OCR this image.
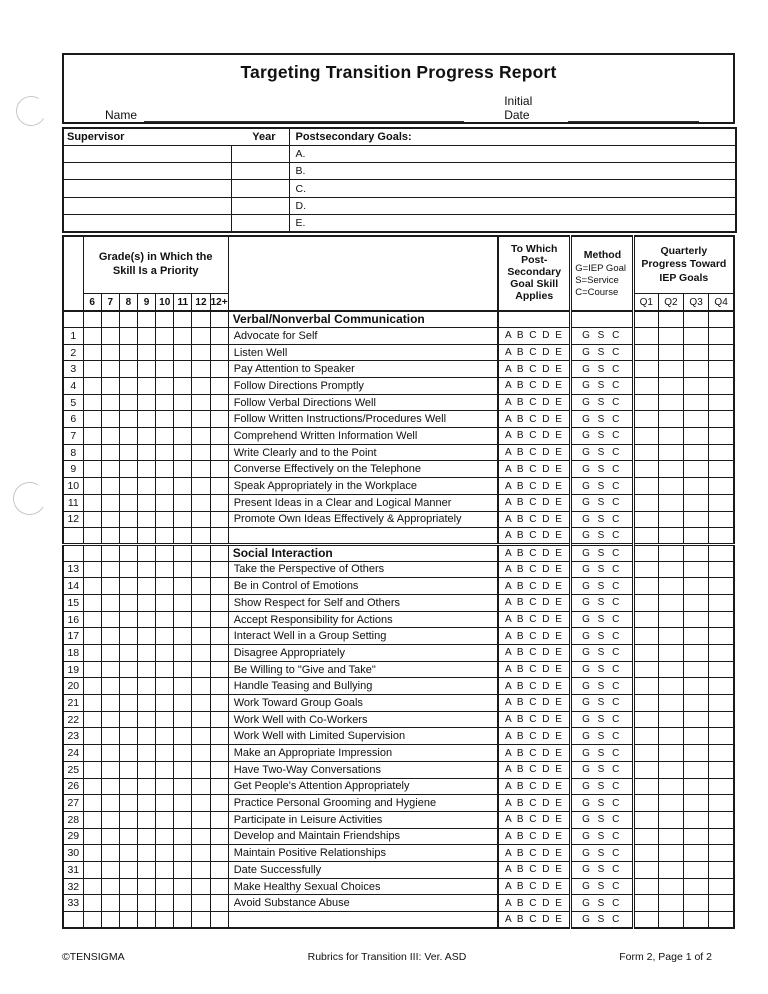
Targeting Transition Progress Report
Name
Initial Date
Supervisor Year		Postsecondary Goals:
		A.
		B.
		C.
		D.
		E.

Grade(s) in Which the
Skill Is a Priority

To Which
Post-
Secondary
Goal Skill
Applies

Method
G=IEP Goal
S=Service
C=Course

Quarterly
Progress Toward
IEP Goals

	6	7	8	9	10	11	12	12+				Q1	Q2	Q3	Q4
									Verbal/Nonverbal Communication						
1									Advocate for Self	A B C D E	G S C				
2									Listen Well	A B C D E	G S C				
3									Pay Attention to Speaker	A B C D E	G S C				
4									Follow Directions Promptly	A B C D E	G S C				
5									Follow Verbal Directions Well	A B C D E	G S C				
6									Follow Written Instructions/Procedures Well	A B C D E	G S C				
7									Comprehend Written Information Well	A B C D E	G S C				
8									Write Clearly and to the Point	A B C D E	G S C				
9									Converse Effectively on the Telephone	A B C D E	G S C				
10									Speak Appropriately in the Workplace	A B C D E	G S C				
11									Present Ideas in a Clear and Logical Manner	A B C D E	G S C				
12									Promote Own Ideas Effectively & Appropriately	A B C D E	G S C				
										A B C D E	G S C				
									Social Interaction	A B C D E	G S C				
13									Take the Perspective of Others	A B C D E	G S C				
14									Be in Control of Emotions	A B C D E	G S C				
15									Show Respect for Self and Others	A B C D E	G S C				
16									Accept Responsibility for Actions	A B C D E	G S C				
17									Interact Well in a Group Setting	A B C D E	G S C				
18									Disagree Appropriately	A B C D E	G S C				
19									Be Willing to "Give and Take"	A B C D E	G S C				
20									Handle Teasing and Bullying	A B C D E	G S C				
21									Work Toward Group Goals	A B C D E	G S C				
22									Work Well with Co-Workers	A B C D E	G S C				
23									Work Well with Limited Supervision	A B C D E	G S C				
24									Make an Appropriate Impression	A B C D E	G S C				
25									Have Two-Way Conversations	A B C D E	G S C				
26									Get People's Attention Appropriately	A B C D E	G S C				
27									Practice Personal Grooming and Hygiene	A B C D E	G S C				
28									Participate in Leisure Activities	A B C D E	G S C				
29									Develop and Maintain Friendships	A B C D E	G S C				
30									Maintain Positive Relationships	A B C D E	G S C				
31									Date Successfully	A B C D E	G S C				
32									Make Healthy Sexual Choices	A B C D E	G S C				
33									Avoid Substance Abuse	A B C D E	G S C				
										A B C D E	G S C				
©TENSIGMA	Rubrics for Transition III: Ver. ASD	Form 2, Page 1 of 2
